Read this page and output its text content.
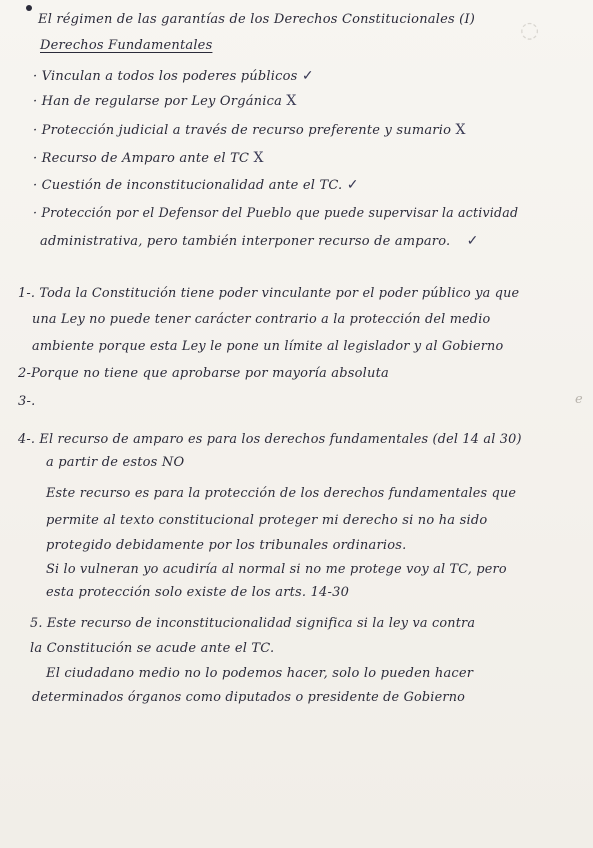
◌
e
El régimen de las garantías de los Derechos Constitucionales (I)
Derechos Fundamentales
· Vinculan a todos los poderes públicos ✓
· Han de regularse por Ley Orgánica X
· Protección judicial a través de recurso preferente y sumario X
· Recurso de Amparo ante el TC X
· Cuestión de inconstitucionalidad ante el TC. ✓
· Protección por el Defensor del Pueblo que puede supervisar la actividad
administrativa, pero también interponer recurso de amparo. ✓
1-. Toda la Constitución tiene poder vinculante por el poder público ya que
una Ley no puede tener carácter contrario a la protección del medio
ambiente porque esta Ley le pone un límite al legislador y al Gobierno
2-Porque no tiene que aprobarse por mayoría absoluta
3-.
4-. El recurso de amparo es para los derechos fundamentales (del 14 al 30)
a partir de estos NO
Este recurso es para la protección de los derechos fundamentales que
permite al texto constitucional proteger mi derecho si no ha sido
protegido debidamente por los tribunales ordinarios.
Si lo vulneran yo acudiría al normal si no me protege voy al TC, pero
esta protección solo existe de los arts. 14-30
5. Este recurso de inconstitucionalidad significa si la ley va contra
la Constitución se acude ante el TC.
El ciudadano medio no lo podemos hacer, solo lo pueden hacer
determinados órganos como diputados o presidente de Gobierno
